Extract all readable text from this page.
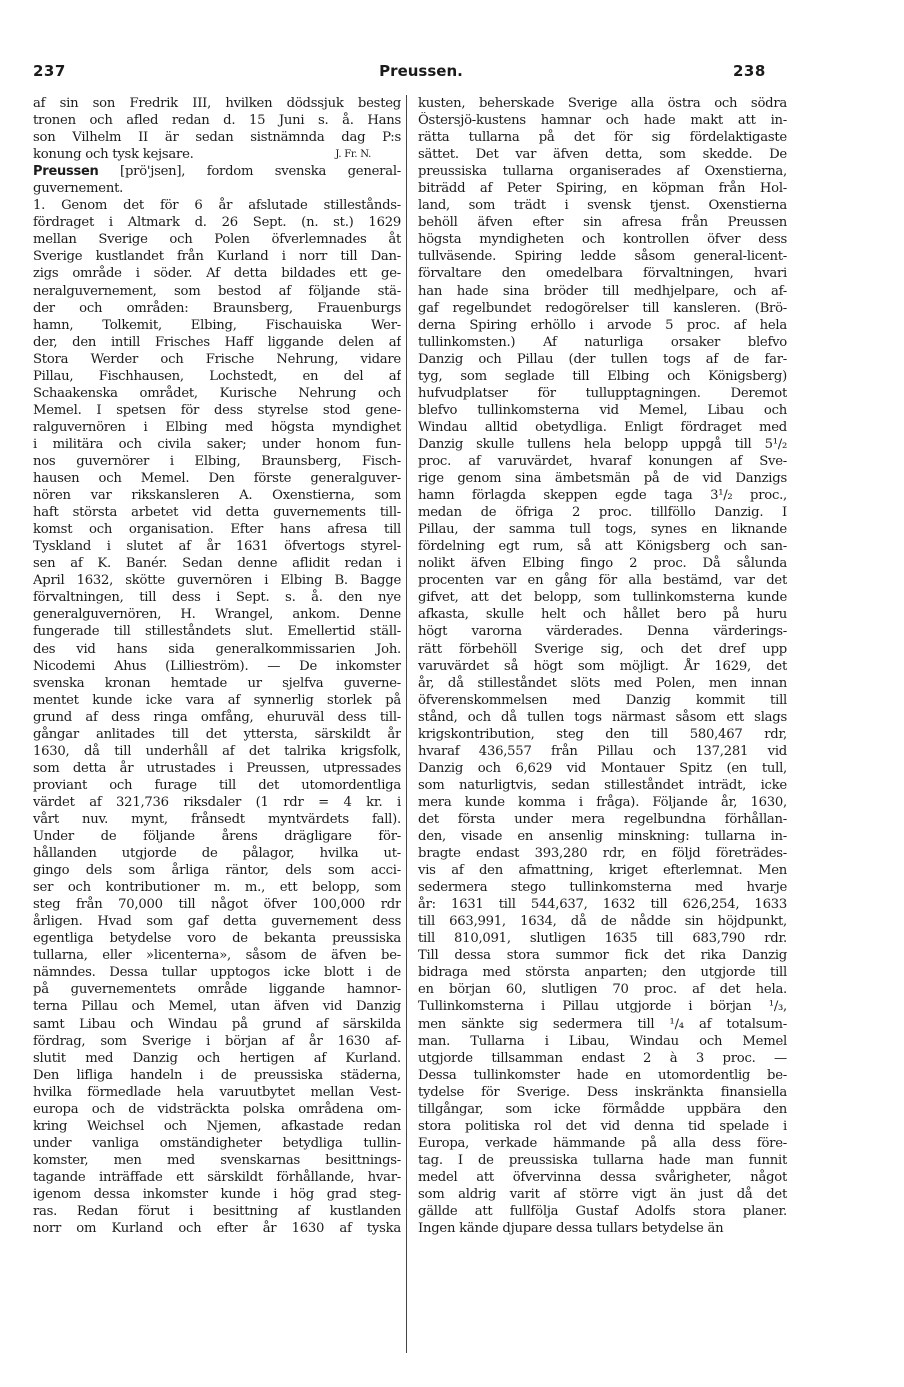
237	Preussen.	238
af sin son Fredrik III, hvilken dödssjuk besteg
tronen och afled redan d. 15 Juni s. å. Hans
son Vilhelm II är sedan sistnämnda dag P:s
konung och tysk kejsare.	J. Fr. N.
Preussen [prö'jsen], fordom svenska general-
guvernement.
1. Genom det för 6 år afslutade stillestånds-
fördraget i Altmark d. 26 Sept. (n. st.) 1629
mellan Sverige och Polen öfverlemnades åt
Sverige kustlandet från Kurland i norr till Dan-
zigs område i söder. Af detta bildades ett ge-
neralguvernement, som bestod af följande stä-
der och områden: Braunsberg, Frauenburgs
hamn, Tolkemit, Elbing, Fischauiska Wer-
der, den intill Frisches Haff liggande delen af
Stora Werder och Frische Nehrung, vidare
Pillau, Fischhausen, Lochstedt, en del af
Schaakenska området, Kurische Nehrung och
Memel. I spetsen för dess styrelse stod gene-
ralguvernören i Elbing med högsta myndighet
i militära och civila saker; under honom fun-
nos guvernörer i Elbing, Braunsberg, Fisch-
hausen och Memel. Den förste generalguver-
nören var rikskansleren A. Oxenstierna, som
haft största arbetet vid detta guvernements till-
komst och organisation. Efter hans afresa till
Tyskland i slutet af år 1631 öfvertogs styrel-
sen af K. Banér. Sedan denne aflidit redan i
April 1632, skötte guvernören i Elbing B. Bagge
förvaltningen, till dess i Sept. s. å. den nye
generalguvernören, H. Wrangel, ankom. Denne
fungerade till stilleståndets slut. Emellertid ställ-
des vid hans sida generalkommissarien Joh.
Nicodemi Ahus (Lillieström). — De inkomster
svenska kronan hemtade ur sjelfva guverne-
mentet kunde icke vara af synnerlig storlek på
grund af dess ringa omfång, ehuruväl dess till-
gångar anlitades till det yttersta, särskildt år
1630, då till underhåll af det talrika krigsfolk,
som detta år utrustades i Preussen, utpressades
proviant och furage till det utomordentliga
värdet af 321,736 riksdaler (1 rdr = 4 kr. i
vårt nuv. mynt, frånsedt myntvärdets fall).
Under de följande årens drägligare för-
hållanden utgjorde de pålagor, hvilka ut-
gingo dels som årliga räntor, dels som acci-
ser och kontributioner m. m., ett belopp, som
steg från 70,000 till något öfver 100,000 rdr
årligen. Hvad som gaf detta guvernement dess
egentliga betydelse voro de bekanta preussiska
tullarna, eller »licenterna», såsom de äfven be-
nämndes. Dessa tullar upptogos icke blott i de
på guvernementets område liggande hamnor-
terna Pillau och Memel, utan äfven vid Danzig
samt Libau och Windau på grund af särskilda
fördrag, som Sverige i början af år 1630 af-
slutit med Danzig och hertigen af Kurland.
Den lifliga handeln i de preussiska städerna,
hvilka förmedlade hela varuutbytet mellan Vest-
europa och de vidsträckta polska områdena om-
kring Weichsel och Njemen, afkastade redan
under vanliga omständigheter betydliga tullin-
komster, men med svenskarnas besittnings-
tagande inträffade ett särskildt förhållande, hvar-
igenom dessa inkomster kunde i hög grad steg-
ras. Redan förut i besittning af kustlanden
norr om Kurland och efter år 1630 af tyska
kusten, beherskade Sverige alla östra och södra
Östersjö-kustens hamnar och hade makt att in-
rätta tullarna på det för sig fördelaktigaste
sättet. Det var äfven detta, som skedde. De
preussiska tullarna organiserades af Oxenstierna,
biträdd af Peter Spiring, en köpman från Hol-
land, som trädt i svensk tjenst. Oxenstierna
behöll äfven efter sin afresa från Preussen
högsta myndigheten och kontrollen öfver dess
tullväsende. Spiring ledde såsom general-licent-
förvaltare den omedelbara förvaltningen, hvari
han hade sina bröder till medhjelpare, och af-
gaf regelbundet redogörelser till kansleren. (Brö-
derna Spiring erhöllo i arvode 5 proc. af hela
tullinkomsten.) Af naturliga orsaker blefvo
Danzig och Pillau (der tullen togs af de far-
tyg, som seglade till Elbing och Königsberg)
hufvudplatser för tullupptagningen. Deremot
blefvo tullinkomsterna vid Memel, Libau och
Windau alltid obetydliga. Enligt fördraget med
Danzig skulle tullens hela belopp uppgå till 5¹/₂
proc. af varuvärdet, hvaraf konungen af Sve-
rige genom sina ämbetsmän på de vid Danzigs
hamn förlagda skeppen egde taga 3¹/₂ proc.,
medan de öfriga 2 proc. tillföllo Danzig. I
Pillau, der samma tull togs, synes en liknande
fördelning egt rum, så att Königsberg och san-
nolikt äfven Elbing fingo 2 proc. Då sålunda
procenten var en gång för alla bestämd, var det
gifvet, att det belopp, som tullinkomsterna kunde
afkasta, skulle helt och hållet bero på huru
högt varorna värderades. Denna värderings-
rätt förbehöll Sverige sig, och det dref upp
varuvärdet så högt som möjligt. År 1629, det
år, då stilleståndet slöts med Polen, men innan
öfverenskommelsen med Danzig kommit till
stånd, och då tullen togs närmast såsom ett slags
krigskontribution, steg den till 580,467 rdr,
hvaraf 436,557 från Pillau och 137,281 vid
Danzig och 6,629 vid Montauer Spitz (en tull,
som naturligtvis, sedan stilleståndet inträdt, icke
mera kunde komma i fråga). Följande år, 1630,
det första under mera regelbundna förhållan-
den, visade en ansenlig minskning: tullarna in-
bragte endast 393,280 rdr, en följd företrädes-
vis af den afmattning, kriget efterlemnat. Men
sedermera stego tullinkomsterna med hvarje
år: 1631 till 544,637, 1632 till 626,254, 1633
till 663,991, 1634, då de nådde sin höjdpunkt,
till 810,091, slutligen 1635 till 683,790 rdr.
Till dessa stora summor fick det rika Danzig
bidraga med största anparten; den utgjorde till
en början 60, slutligen 70 proc. af det hela.
Tullinkomsterna i Pillau utgjorde i början ¹/₃,
men sänkte sig sedermera till ¹/₄ af totalsum-
man. Tullarna i Libau, Windau och Memel
utgjorde tillsamman endast 2 à 3 proc. —
Dessa tullinkomster hade en utomordentlig be-
tydelse för Sverige. Dess inskränkta finansiella
tillgångar, som icke förmådde uppbära den
stora politiska rol det vid denna tid spelade i
Europa, verkade hämmande på alla dess före-
tag. I de preussiska tullarna hade man funnit
medel att öfvervinna dessa svårigheter, något
som aldrig varit af större vigt än just då det
gällde att fullfölja Gustaf Adolfs stora planer.
Ingen kände djupare dessa tullars betydelse än
